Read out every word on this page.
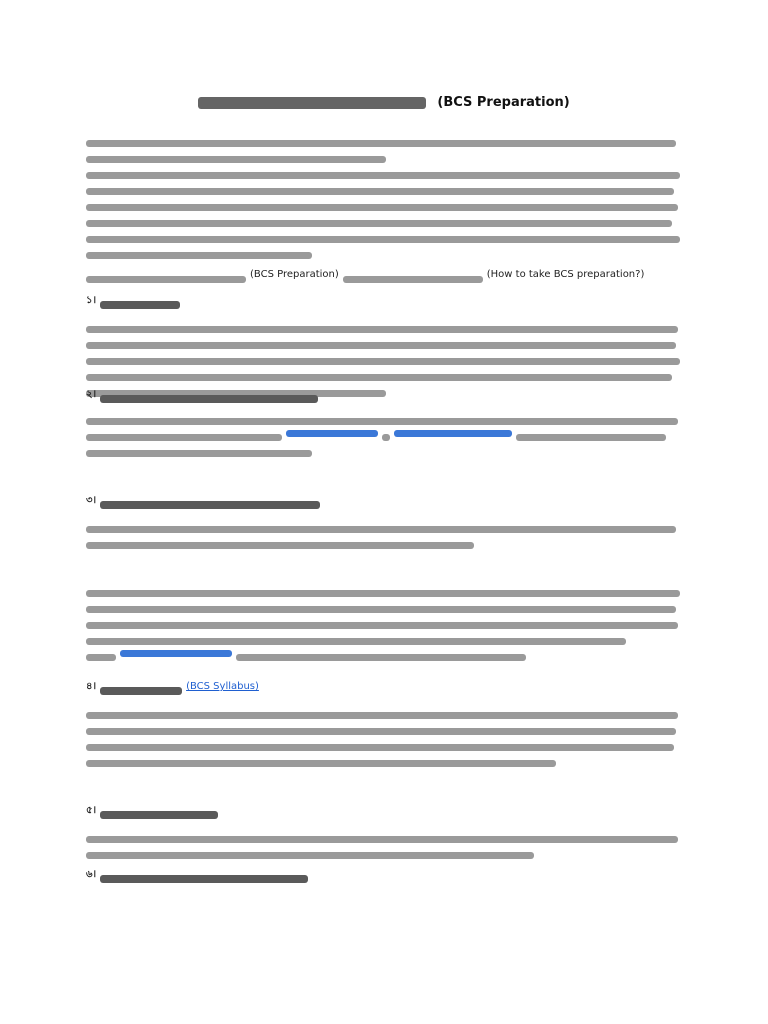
(BCS Preparation)
(BCS Preparation)	(How to take BCS preparation?)
১।
২।
৩।
৪।	(BCS Syllabus)
৫।
৬।
